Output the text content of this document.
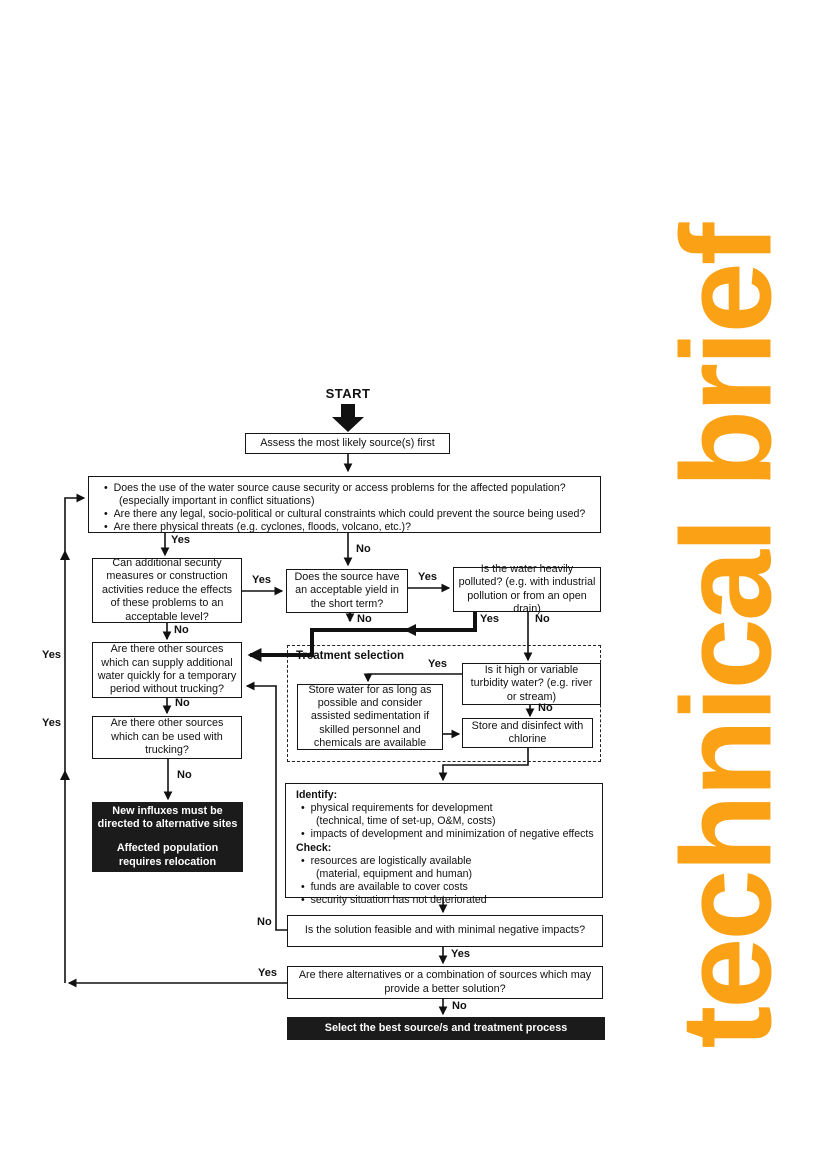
START
Treatment selection
Assess the most likely source(s) first
•  Does the use of the water source cause security or access problems for the affected population?
(especially important in conflict situations)
•  Are there any legal, socio-political or cultural constraints which could prevent the source being used?
•  Are there physical threats (e.g. cyclones, floods, volcano, etc.)?
Can additional security measures or construction activities reduce the effects of these problems to an acceptable level?
Does the source have an acceptable yield in the short term?
Is the water heavily polluted? (e.g. with industrial pollution or from an open drain)
Are there other sources which can supply additional water quickly for a temporary period without trucking?
Are there other sources which can be used with trucking?
New influxes must be directed to alternative sites
Affected population requires relocation
Is it high or variable turbidity water? (e.g. river or stream)
Store water for as long as possible and consider assisted sedimentation if skilled personnel and chemicals are available
Store and disinfect with chlorine
Identify:
•  physical requirements for development
(technical, time of set-up, O&M, costs)
•  impacts of development and minimization of negative effects
Check:
•  resources are logistically available
(material, equipment and human)
•  funds are available to cover costs
•  security situation has not deteriorated
Is the solution feasible and with minimal negative impacts?
Are there alternatives or a combination of sources which may provide a better solution?
Select the best source/s and treatment process
Yes
No
Yes	Yes
No
No	Yes	No
Yes
No
Yes
No
Yes
No
No
Yes
Yes
No technical brief
